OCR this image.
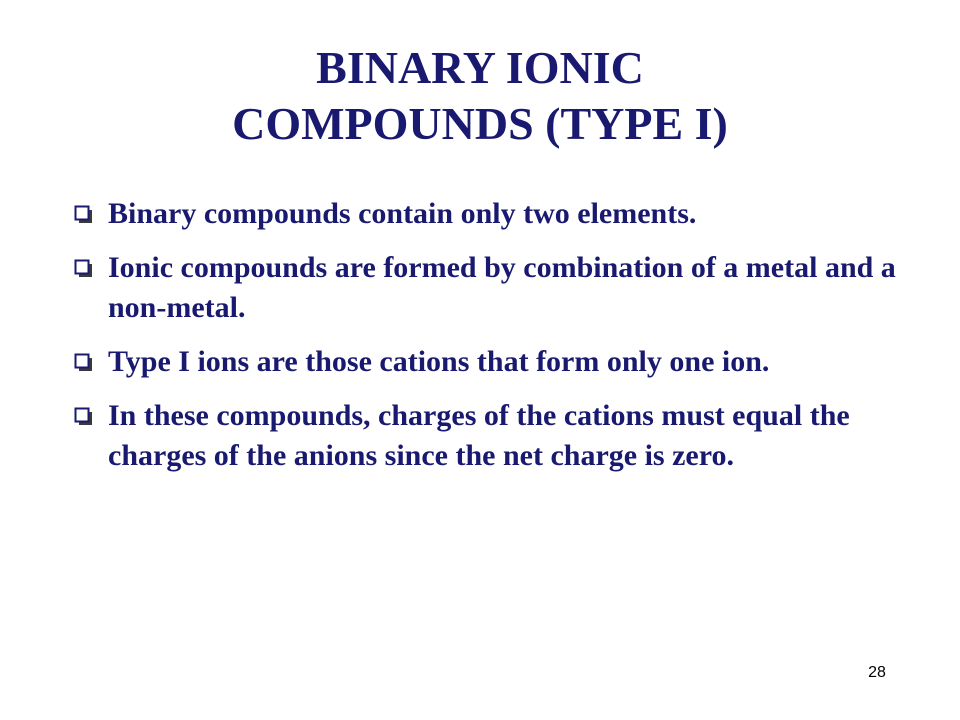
BINARY IONIC
COMPOUNDS (TYPE I)
Binary compounds contain only two elements.
Ionic compounds are formed by combination of a metal and a non-metal.
Type I ions are those cations that form only one ion.
In these compounds, charges of the cations must equal the charges of the anions since the net charge is zero.
28
